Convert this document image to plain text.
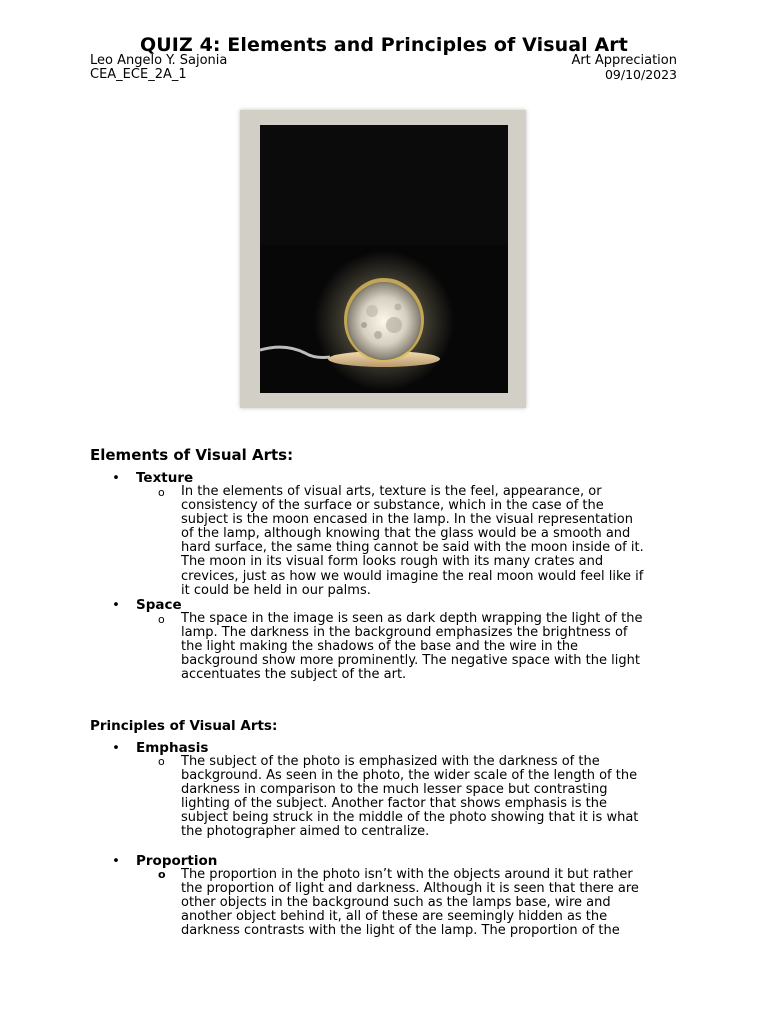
QUIZ 4: Elements and Principles of Visual Art
Leo Angelo Y. Sajonia
CEA_ECE_2A_1
Art Appreciation
09/10/2023
Elements of Visual Arts:
• Texture
o In the elements of visual arts, texture is the feel, appearance, or
consistency of the surface or substance, which in the case of the
subject is the moon encased in the lamp. In the visual representation
of the lamp, although knowing that the glass would be a smooth and
hard surface, the same thing cannot be said with the moon inside of it.
The moon in its visual form looks rough with its many crates and
crevices, just as how we would imagine the real moon would feel like if
it could be held in our palms.
• Space
o The space in the image is seen as dark depth wrapping the light of the
lamp. The darkness in the background emphasizes the brightness of
the light making the shadows of the base and the wire in the
background show more prominently. The negative space with the light
accentuates the subject of the art.
Principles of Visual Arts:
• Emphasis
o The subject of the photo is emphasized with the darkness of the
background. As seen in the photo, the wider scale of the length of the
darkness in comparison to the much lesser space but contrasting
lighting of the subject. Another factor that shows emphasis is the
subject being struck in the middle of the photo showing that it is what
the photographer aimed to centralize.
• Proportion
o The proportion in the photo isn’t with the objects around it but rather
the proportion of light and darkness. Although it is seen that there are
other objects in the background such as the lamps base, wire and
another object behind it, all of these are seemingly hidden as the
darkness contrasts with the light of the lamp. The proportion of the
